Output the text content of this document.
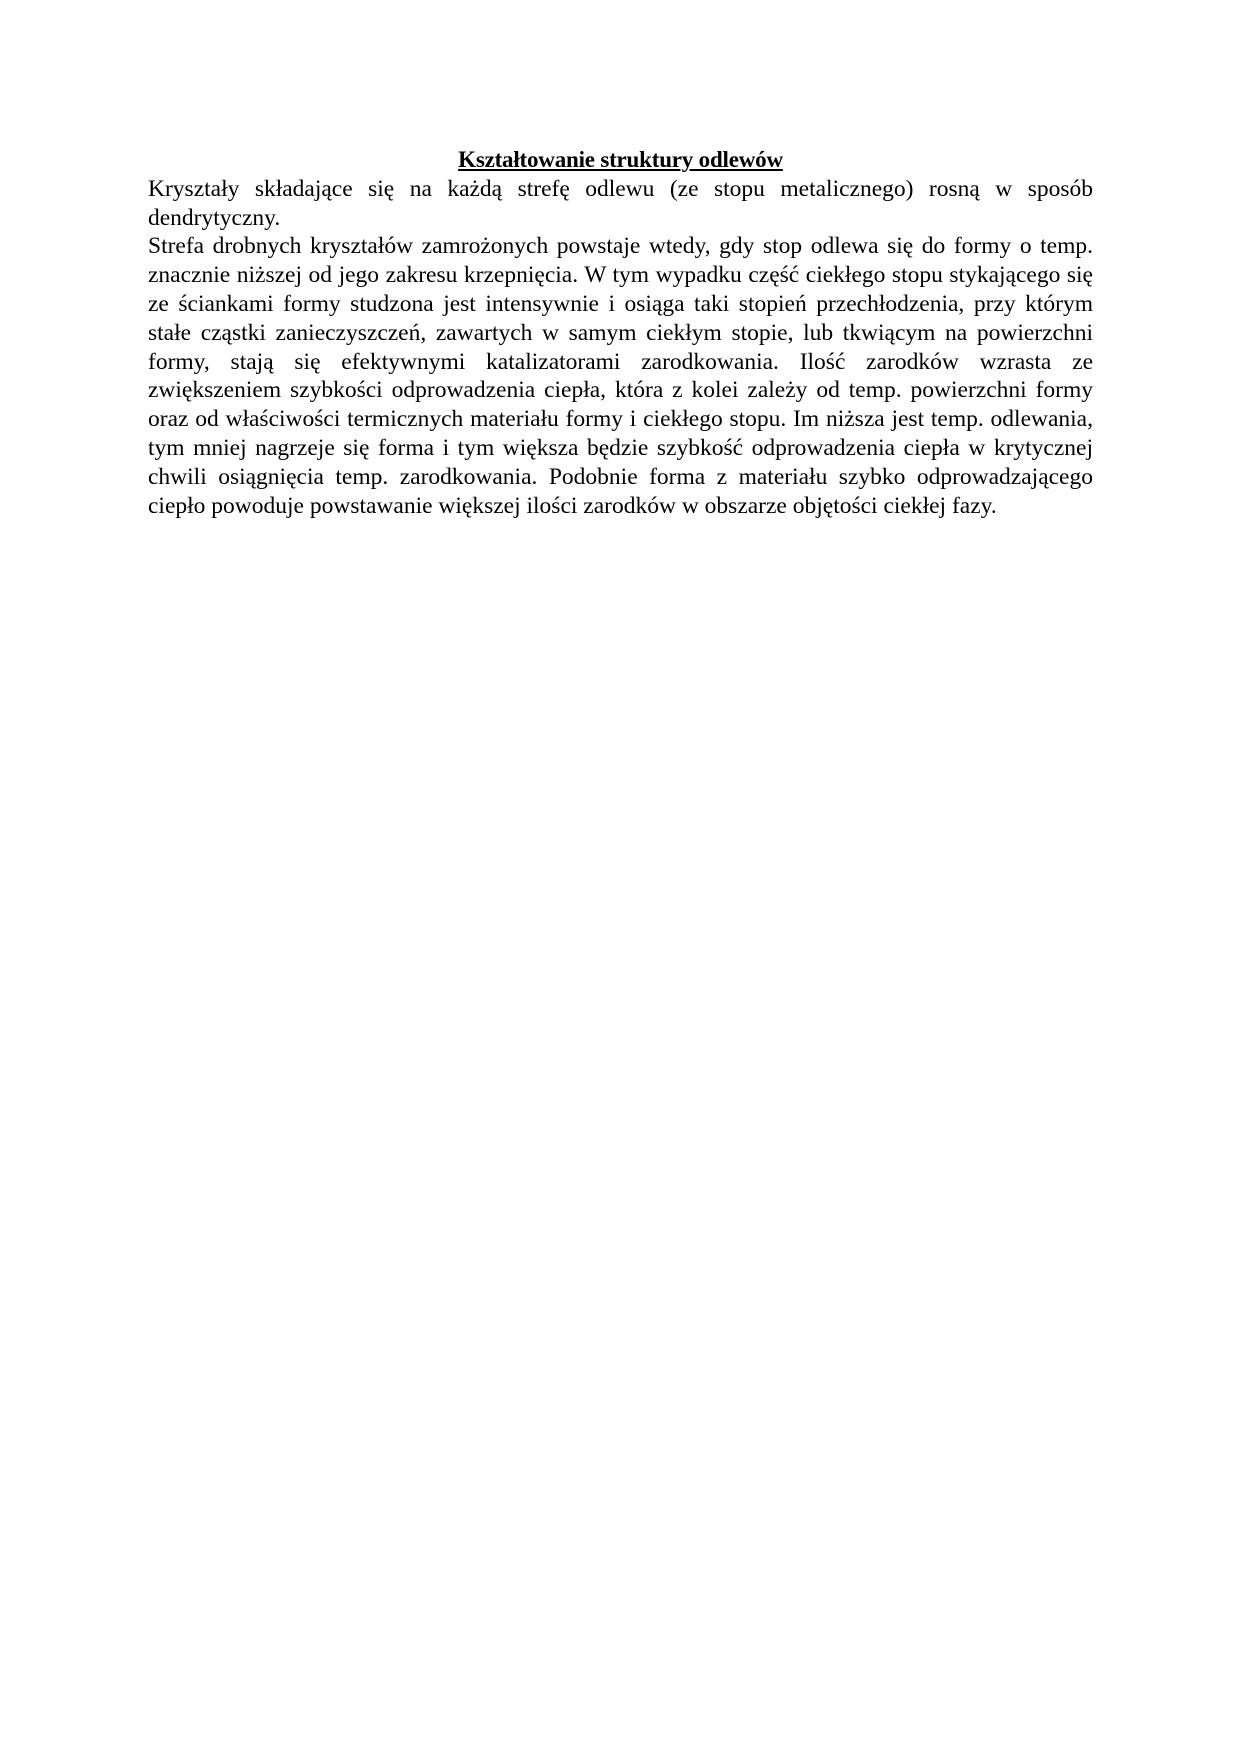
Kształtowanie struktury odlewów

Kryształy składające się na każdą strefę odlewu (ze stopu metalicznego) rosną w sposób dendrytyczny.

Strefa drobnych kryształów zamrożonych powstaje wtedy, gdy stop odlewa się do formy o temp. znacznie niższej od jego zakresu krzepnięcia. W tym wypadku część ciekłego stopu stykającego się ze ściankami formy studzona jest intensywnie i osiąga taki stopień przechłodzenia, przy którym stałe cząstki zanieczyszczeń, zawartych w samym ciekłym stopie, lub tkwiącym na powierzchni formy, stają się efektywnymi katalizatorami zarodkowania. Ilość zarodków wzrasta ze zwiększeniem szybkości odprowadzenia ciepła, która z kolei zależy od temp. powierzchni formy oraz od właściwości termicznych materiału formy i ciekłego stopu. Im niższa jest temp. odlewania, tym mniej nagrzeje się forma i tym większa będzie szybkość odprowadzenia ciepła w krytycznej chwili osiągnięcia temp. zarodkowania. Podobnie forma z materiału szybko odprowadzającego ciepło powoduje powstawanie większej ilości zarodków w obszarze objętości ciekłej fazy.
